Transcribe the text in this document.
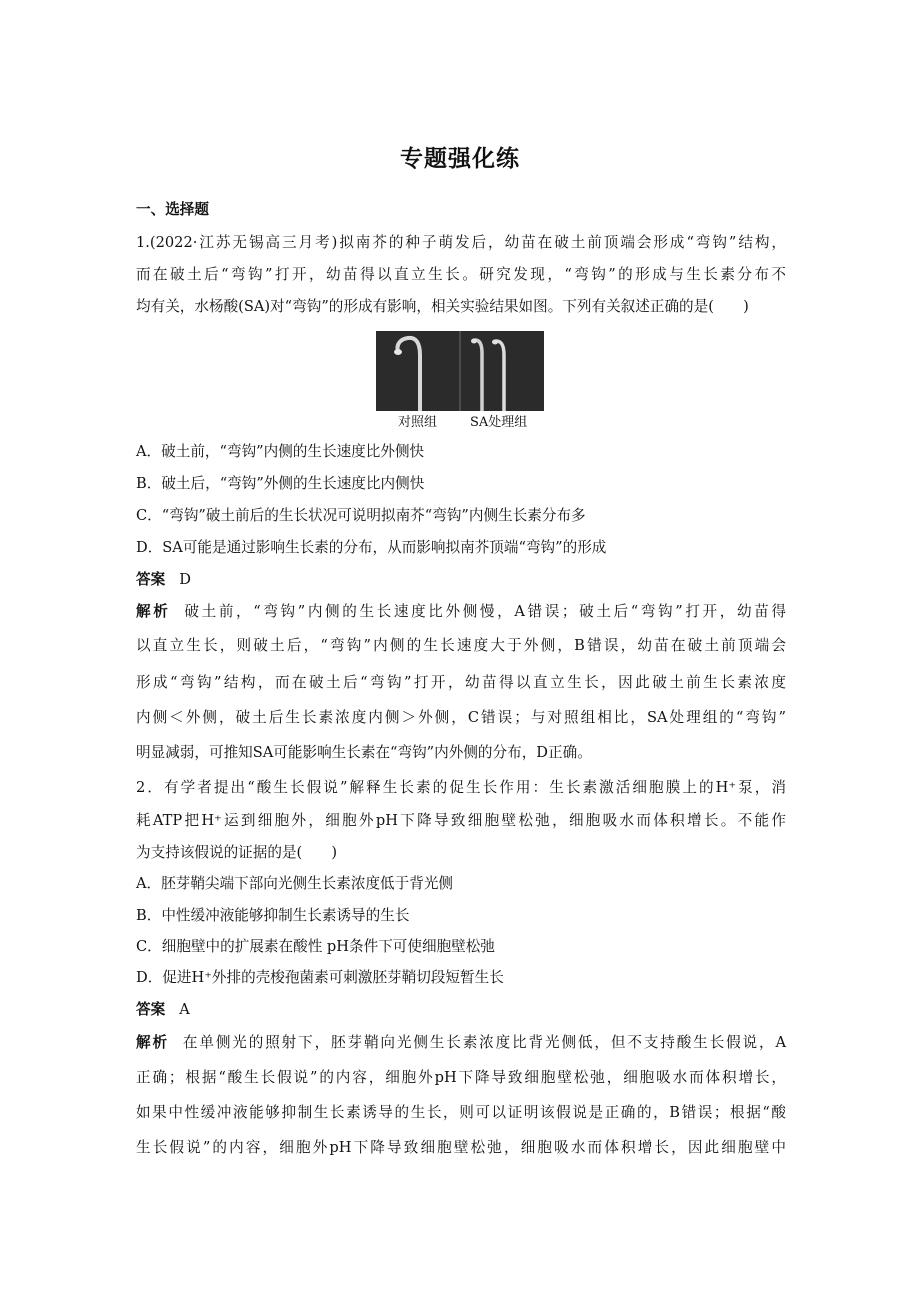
专题强化练
一、选择题
1.(2022·江苏无锡高三月考)拟南芥的种子萌发后，幼苗在破土前顶端会形成“弯钩”结构，
而在破土后“弯钩”打开，幼苗得以直立生长。研究发现，“弯钩”的形成与生长素分布不
均有关，水杨酸(SA)对“弯钩”的形成有影响，相关实验结果如图。下列有关叙述正确的是(　　)
对照组	SA处理组
A．破土前，“弯钩”内侧的生长速度比外侧快
B．破土后，“弯钩”外侧的生长速度比内侧快
C．“弯钩”破土前后的生长状况可说明拟南芥“弯钩”内侧生长素分布多
D．SA可能是通过影响生长素的分布，从而影响拟南芥顶端“弯钩”的形成
答案 D
解析 破土前，“弯钩”内侧的生长速度比外侧慢，A错误；破土后“弯钩”打开，幼苗得
以直立生长，则破土后，“弯钩”内侧的生长速度大于外侧，B错误，幼苗在破土前顶端会
形成“弯钩”结构，而在破土后“弯钩”打开，幼苗得以直立生长，因此破土前生长素浓度
内侧＜外侧，破土后生长素浓度内侧＞外侧，C错误；与对照组相比，SA处理组的“弯钩”
明显减弱，可推知SA可能影响生长素在“弯钩”内外侧的分布，D正确。
2．有学者提出“酸生长假说”解释生长素的促生长作用：生长素激活细胞膜上的H⁺泵，消
耗ATP把H⁺运到细胞外，细胞外pH下降导致细胞壁松弛，细胞吸水而体积增长。不能作
为支持该假说的证据的是(　　)
A．胚芽鞘尖端下部向光侧生长素浓度低于背光侧
B．中性缓冲液能够抑制生长素诱导的生长
C．细胞壁中的扩展素在酸性 pH条件下可使细胞壁松弛
D．促进H⁺外排的壳梭孢菌素可刺激胚芽鞘切段短暂生长
答案 A
解析 在单侧光的照射下，胚芽鞘向光侧生长素浓度比背光侧低，但不支持酸生长假说，A
正确；根据“酸生长假说”的内容，细胞外pH下降导致细胞壁松弛，细胞吸水而体积增长，
如果中性缓冲液能够抑制生长素诱导的生长，则可以证明该假说是正确的，B错误；根据“酸
生长假说”的内容，细胞外pH下降导致细胞壁松弛，细胞吸水而体积增长，因此细胞壁中
